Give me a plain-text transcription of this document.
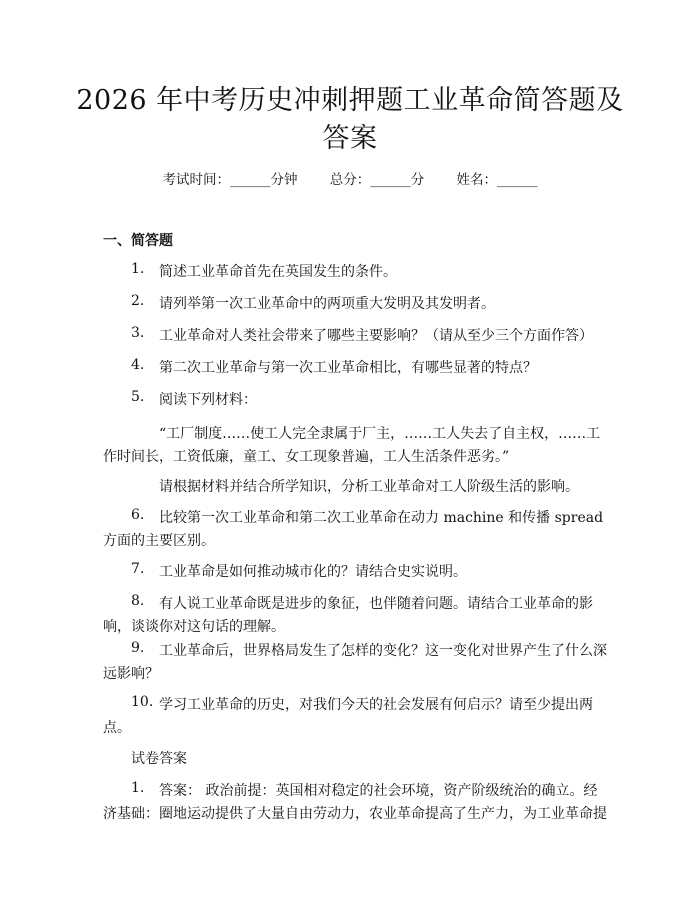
2026 年中考历史冲刺押题工业革命简答题及
答案
考试时间：______分钟 总分：______分 姓名：______
一、简答题
1. 简述工业革命首先在英国发生的条件。
2. 请列举第一次工业革命中的两项重大发明及其发明者。
3. 工业革命对人类社会带来了哪些主要影响？（请从至少三个方面作答）
4. 第二次工业革命与第一次工业革命相比，有哪些显著的特点？
5. 阅读下列材料：
“工厂制度……使工人完全隶属于厂主，……工人失去了自主权，……工
作时间长，工资低廉，童工、女工现象普遍，工人生活条件恶劣。”
请根据材料并结合所学知识，分析工业革命对工人阶级生活的影响。
6. 比较第一次工业革命和第二次工业革命在动力 machine 和传播 spread
方面的主要区别。
7. 工业革命是如何推动城市化的？请结合史实说明。
8. 有人说工业革命既是进步的象征，也伴随着问题。请结合工业革命的影
响，谈谈你对这句话的理解。
9. 工业革命后，世界格局发生了怎样的变化？这一变化对世界产生了什么深
远影响？
10. 学习工业革命的历史，对我们今天的社会发展有何启示？请至少提出两
点。
试卷答案
1. 答案： 政治前提：英国相对稳定的社会环境，资产阶级统治的确立。经
济基础：圈地运动提供了大量自由劳动力，农业革命提高了生产力，为工业革命提
